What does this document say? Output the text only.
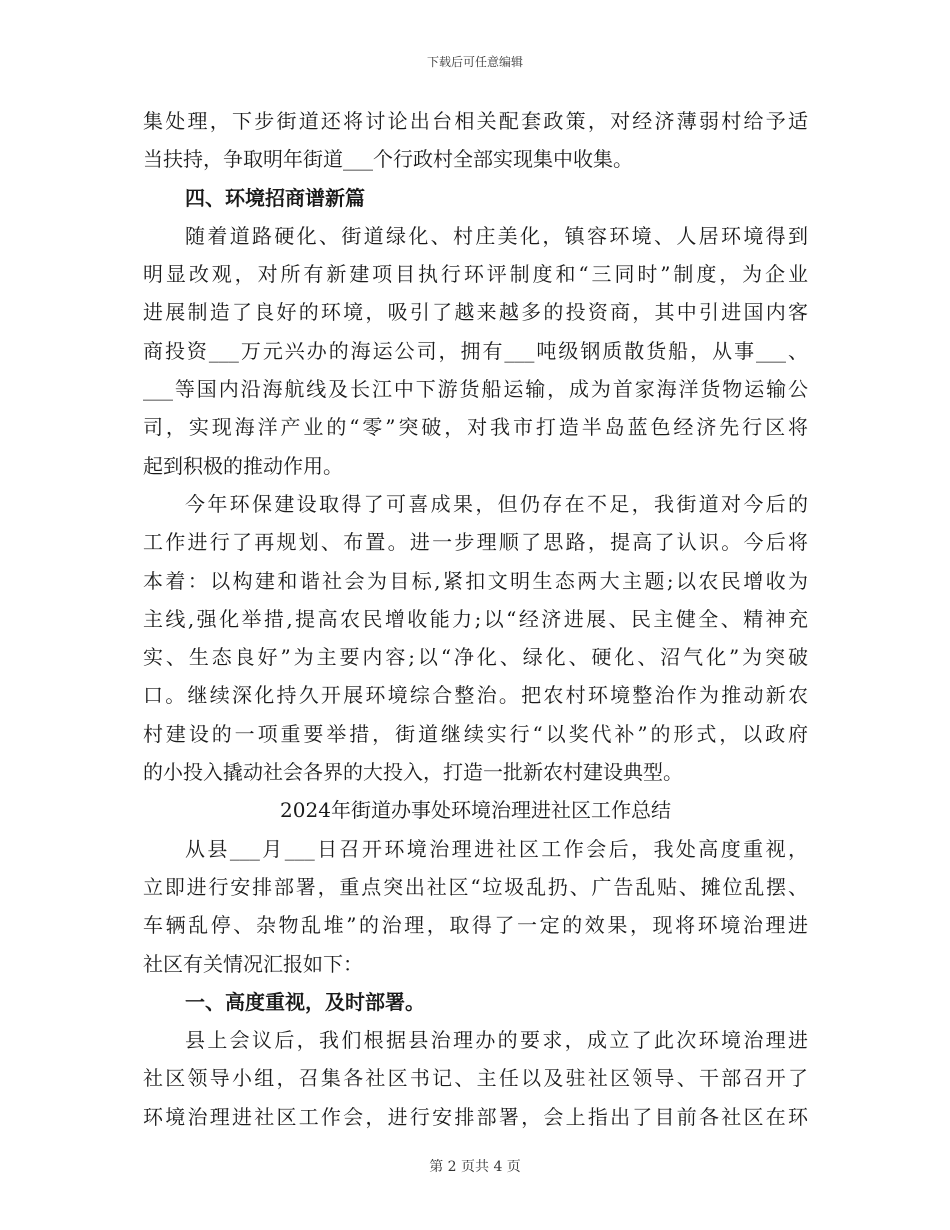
下载后可任意编辑
集处理，下步街道还将讨论出台相关配套政策，对经济薄弱村给予适
当扶持，争取明年街道___个行政村全部实现集中收集。
四、环境招商谱新篇
随着道路硬化、街道绿化、村庄美化，镇容环境、人居环境得到
明显改观，对所有新建项目执行环评制度和“三同时”制度，为企业
进展制造了良好的环境，吸引了越来越多的投资商，其中引进国内客
商投资___万元兴办的海运公司，拥有___吨级钢质散货船，从事___、
___等国内沿海航线及长江中下游货船运输，成为首家海洋货物运输公
司，实现海洋产业的“零”突破，对我市打造半岛蓝色经济先行区将
起到积极的推动作用。
今年环保建设取得了可喜成果，但仍存在不足，我街道对今后的
工作进行了再规划、布置。进一步理顺了思路，提高了认识。今后将
本着：以构建和谐社会为目标,紧扣文明生态两大主题;以农民增收为
主线,强化举措,提高农民增收能力;以“经济进展、民主健全、精神充
实、生态良好”为主要内容;以“净化、绿化、硬化、沼气化”为突破
口。继续深化持久开展环境综合整治。把农村环境整治作为推动新农
村建设的一项重要举措，街道继续实行“以奖代补”的形式，以政府
的小投入撬动社会各界的大投入，打造一批新农村建设典型。
2024年街道办事处环境治理进社区工作总结
从县___月___日召开环境治理进社区工作会后，我处高度重视，
立即进行安排部署，重点突出社区“垃圾乱扔、广告乱贴、摊位乱摆、
车辆乱停、杂物乱堆”的治理，取得了一定的效果，现将环境治理进
社区有关情况汇报如下：
一、高度重视，及时部署。
县上会议后，我们根据县治理办的要求，成立了此次环境治理进
社区领导小组，召集各社区书记、主任以及驻社区领导、干部召开了
环境治理进社区工作会，进行安排部署，会上指出了目前各社区在环
第 2 页共 4 页
